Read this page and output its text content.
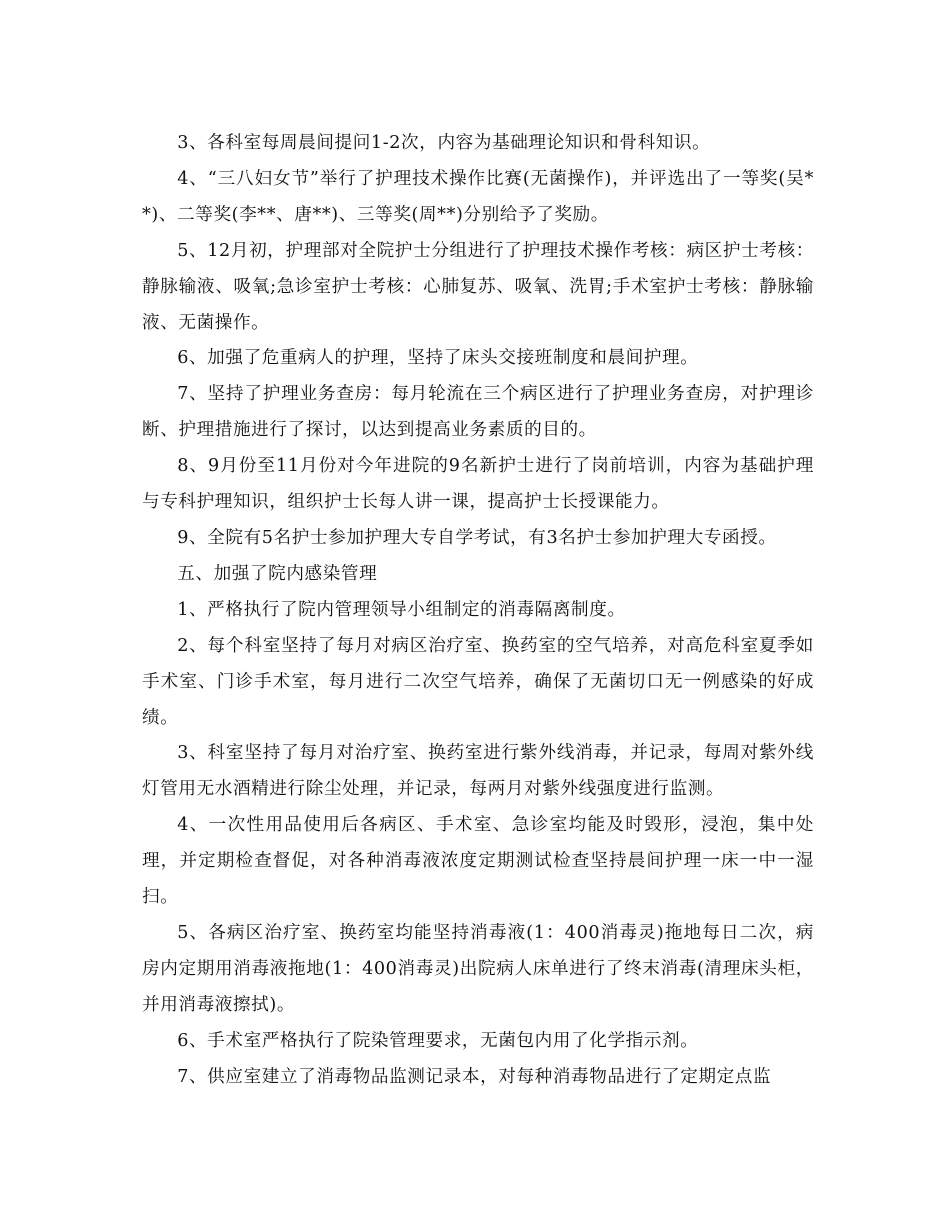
3、各科室每周晨间提问1-2次，内容为基础理论知识和骨科知识。

4、“三八妇女节”举行了护理技术操作比赛(无菌操作)，并评选出了一等奖(吴**)、二等奖(李**、唐**)、三等奖(周**)分别给予了奖励。

5、12月初，护理部对全院护士分组进行了护理技术操作考核：病区护士考核：静脉输液、吸氧;急诊室护士考核：心肺复苏、吸氧、洗胃;手术室护士考核：静脉输液、无菌操作。

6、加强了危重病人的护理，坚持了床头交接班制度和晨间护理。

7、坚持了护理业务查房：每月轮流在三个病区进行了护理业务查房，对护理诊断、护理措施进行了探讨，以达到提高业务素质的目的。

8、9月份至11月份对今年进院的9名新护士进行了岗前培训，内容为基础护理与专科护理知识，组织护士长每人讲一课，提高护士长授课能力。

9、全院有5名护士参加护理大专自学考试，有3名护士参加护理大专函授。

五、加强了院内感染管理

1、严格执行了院内管理领导小组制定的消毒隔离制度。

2、每个科室坚持了每月对病区治疗室、换药室的空气培养，对高危科室夏季如手术室、门诊手术室，每月进行二次空气培养，确保了无菌切口无一例感染的好成绩。

3、科室坚持了每月对治疗室、换药室进行紫外线消毒，并记录，每周对紫外线灯管用无水酒精进行除尘处理，并记录，每两月对紫外线强度进行监测。

4、一次性用品使用后各病区、手术室、急诊室均能及时毁形，浸泡，集中处理，并定期检查督促，对各种消毒液浓度定期测试检查坚持晨间护理一床一中一湿扫。

5、各病区治疗室、换药室均能坚持消毒液(1：400消毒灵)拖地每日二次，病房内定期用消毒液拖地(1：400消毒灵)出院病人床单进行了终末消毒(清理床头柜，并用消毒液擦拭)。

6、手术室严格执行了院染管理要求，无菌包内用了化学指示剂。

7、供应室建立了消毒物品监测记录本，对每种消毒物品进行了定期定点监
